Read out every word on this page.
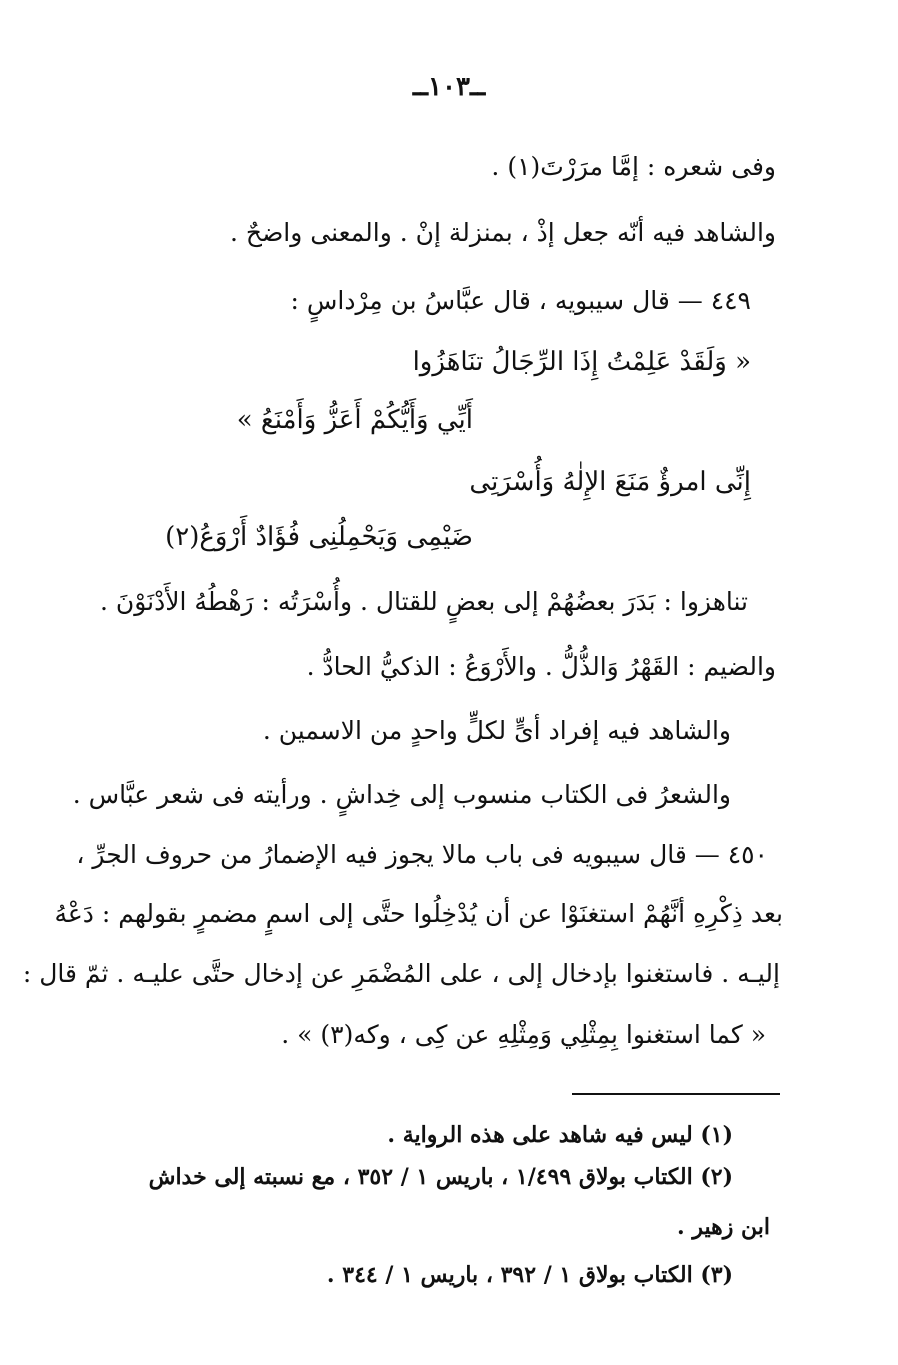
ــ١٠٣ــ
وفى شعره : إمَّا مرَرْتَ(١) .
والشاهد فيه أنّه جعل إذْ ، بمنزلة إنْ . والمعنى واضحٌ .
٤٤٩ — قال سيبويه ، قال عبَّاسُ بن مِرْداسٍ :
« وَلَقَدْ عَلِمْتُ إِذَا الرِّجَالُ تنَاهَزُوا
أَيِّي وَأَيُّكُمْ أَعَزُّ وَأَمْنَعُ »
إِنِّى امرؤٌ مَنَعَ الإِلٰهُ وَأُسْرَتِى
ضَيْمِى وَيَحْمِلُنِى فُؤَادٌ أَرْوَعُ(٢)
تناهزوا : بَدَرَ بعضُهُمْ إلى بعضٍ للقتال . وأُسْرَتُه : رَهْطُهُ الأَدْنَوْنَ .
والضيم : القَهْرُ وَالذُّلُّ . والأَرْوَعُ : الذكيُّ الحادُّ .
والشاهد فيه إفراد أىٍّ لكلٍّ واحدٍ من الاسمين .
والشعرُ فى الكتاب منسوب إلى خِداشٍ . ورأيته فى شعر عبَّاس .
٤٥٠ — قال سيبويه فى باب مالا يجوز فيه الإضمارُ من حروف الجرِّ ،
بعد ذِكْرِهِ أنَّهُمْ استغنَوْا عن أن يُدْخِلُوا حتَّى إلى اسمٍ مضمرٍ بقولهم : دَعْهُ
إليـه . فاستغنوا بإدخال إلى ، على المُضْمَرِ عن إدخال حتَّى عليـه . ثمّ قال :
« كما استغنوا بِمِثْلِي وَمِثْلِهِ عن كِى ، وكه(٣) » .
(١) ليس فيه شاهد على هذه الرواية .
(٢) الكتاب بولاق ١/٤٩٩ ، باريس ١ / ٣٥٢ ، مع نسبته إلى خداش
ابن زهير .
(٣) الكتاب بولاق ١ / ٣٩٢ ، باريس ١ / ٣٤٤ .
